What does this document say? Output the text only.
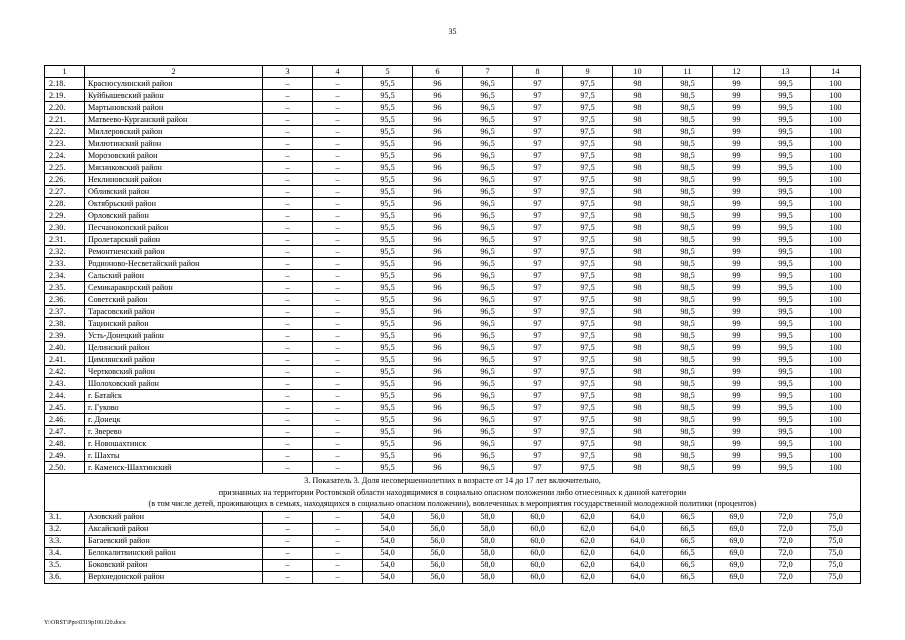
35
1	2	3	4	5	6	7	8	9	10	11	12	13	14
2.18.	Красносулинский район	–	–	95,5	96	96,5	97	97,5	98	98,5	99	99,5	100
2.19.	Куйбышевский район	–	–	95,5	96	96,5	97	97,5	98	98,5	99	99,5	100
2.20.	Мартыновский район	–	–	95,5	96	96,5	97	97,5	98	98,5	99	99,5	100
2.21.	Матвеево-Курганский район	–	–	95,5	96	96,5	97	97,5	98	98,5	99	99,5	100
2.22.	Миллеровский район	–	–	95,5	96	96,5	97	97,5	98	98,5	99	99,5	100
2.23.	Милютинский район	–	–	95,5	96	96,5	97	97,5	98	98,5	99	99,5	100
2.24.	Морозовский район	–	–	95,5	96	96,5	97	97,5	98	98,5	99	99,5	100
2.25.	Мясниковский район	–	–	95,5	96	96,5	97	97,5	98	98,5	99	99,5	100
2.26.	Неклиновский район	–	–	95,5	96	96,5	97	97,5	98	98,5	99	99,5	100
2.27.	Обливский район	–	–	95,5	96	96,5	97	97,5	98	98,5	99	99,5	100
2.28.	Октябрьский район	–	–	95,5	96	96,5	97	97,5	98	98,5	99	99,5	100
2.29.	Орловский район	–	–	95,5	96	96,5	97	97,5	98	98,5	99	99,5	100
2.30.	Песчанокопский район	–	–	95,5	96	96,5	97	97,5	98	98,5	99	99,5	100
2.31.	Пролетарский район	–	–	95,5	96	96,5	97	97,5	98	98,5	99	99,5	100
2.32.	Ремонтненский район	–	–	95,5	96	96,5	97	97,5	98	98,5	99	99,5	100
2.33.	Родионово-Несветайский район	–	–	95,5	96	96,5	97	97,5	98	98,5	99	99,5	100
2.34.	Сальский район	–	–	95,5	96	96,5	97	97,5	98	98,5	99	99,5	100
2.35.	Семикаракорский район	–	–	95,5	96	96,5	97	97,5	98	98,5	99	99,5	100
2.36.	Советский район	–	–	95,5	96	96,5	97	97,5	98	98,5	99	99,5	100
2.37.	Тарасовский район	–	–	95,5	96	96,5	97	97,5	98	98,5	99	99,5	100
2.38.	Тацинский район	–	–	95,5	96	96,5	97	97,5	98	98,5	99	99,5	100
2.39.	Усть-Донецкий район	–	–	95,5	96	96,5	97	97,5	98	98,5	99	99,5	100
2.40.	Целинский район	–	–	95,5	96	96,5	97	97,5	98	98,5	99	99,5	100
2.41.	Цимлянский район	–	–	95,5	96	96,5	97	97,5	98	98,5	99	99,5	100
2.42.	Чертковский район	–	–	95,5	96	96,5	97	97,5	98	98,5	99	99,5	100
2.43.	Шолоховский район	–	–	95,5	96	96,5	97	97,5	98	98,5	99	99,5	100
2.44.	г. Батайск	–	–	95,5	96	96,5	97	97,5	98	98,5	99	99,5	100
2.45.	г. Гуково	–	–	95,5	96	96,5	97	97,5	98	98,5	99	99,5	100
2.46.	г. Донецк	–	–	95,5	96	96,5	97	97,5	98	98,5	99	99,5	100
2.47.	г. Зверево	–	–	95,5	96	96,5	97	97,5	98	98,5	99	99,5	100
2.48.	г. Новошахтинск	–	–	95,5	96	96,5	97	97,5	98	98,5	99	99,5	100
2.49.	г. Шахты	–	–	95,5	96	96,5	97	97,5	98	98,5	99	99,5	100
2.50.	г. Каменск-Шахтинский	–	–	95,5	96	96,5	97	97,5	98	98,5	99	99,5	100

3. Показатель 3. Доля несовершеннолетних в возрасте от 14 до 17 лет включительно,
признанных на территории Ростовской области находящимися в социально опасном положении либо отнесенных к данной категории
(в том числе детей, проживающих в семьях, находящихся в социально опасном положении), вовлеченных в мероприятия государственной молодежной политики (процентов)													

3.1.	Азовский район	–	–	54,0	56,0	58,0	60,0	62,0	64,0	66,5	69,0	72,0	75,0
3.2.	Аксайский район	–	–	54,0	56,0	58,0	60,0	62,0	64,0	66,5	69,0	72,0	75,0
3.3.	Багаевский район	–	–	54,0	56,0	58,0	60,0	62,0	64,0	66,5	69,0	72,0	75,0
3.4.	Белокалитвинский район	–	–	54,0	56,0	58,0	60,0	62,0	64,0	66,5	69,0	72,0	75,0
3.5.	Боковский район	–	–	54,0	56,0	58,0	60,0	62,0	64,0	66,5	69,0	72,0	75,0
3.6.	Верхнедонской район	–	–	54,0	56,0	58,0	60,0	62,0	64,0	66,5	69,0	72,0	75,0
Y:\ORST\Ppo\0319p100.f20.docx
